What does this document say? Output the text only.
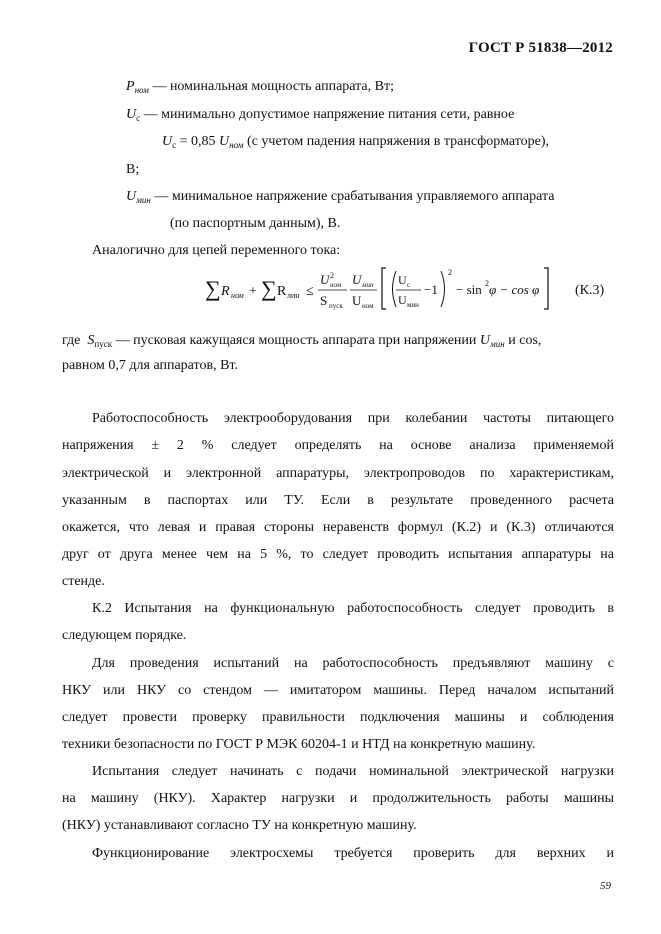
ГОСТ Р 51838—2012
$P_{ном}$ — номинальная мощность аппарата, Вт;
$U_c$ — минимально допустимое напряжение питания сети, равное
$U_c = 0,85$ $U_{ном}$ (с учетом падения напряжения в трансформаторе),
В;
$U_{мин}$ — минимальное напряжение срабатывания управляемого аппарата
(по паспортным данным), В.
Аналогично для цепей переменного тока:
∑ R ном + ∑ R лин ≤
U 2
ном
S пуск
U мин
U ном
U c
U мин
−1
2
− sin 2 φ − cos φ	(К.3)
где $S_{пуск}$ — пусковая кажущаяся мощность аппарата при напряжении $U_{мин}$ и cos,
равном 0,7 для аппаратов, Вт.
Работоспособность электрооборудования при колебании частоты питающего
напряжения ± 2 % следует определять на основе анализа применяемой
электрической и электронной аппаратуры, электропроводов по характеристикам,
указанным в паспортах или ТУ. Если в результате проведенного расчета
окажется, что левая и правая стороны неравенств формул (К.2) и (К.3) отличаются
друг от друга менее чем на 5 %, то следует проводить испытания аппаратуры на
стенде.
К.2 Испытания на функциональную работоспособность следует проводить в
следующем порядке.
Для проведения испытаний на работоспособность предъявляют машину с
НКУ или НКУ со стендом — имитатором машины. Перед началом испытаний
следует провести проверку правильности подключения машины и соблюдения
техники безопасности по ГОСТ Р МЭК 60204-1 и НТД на конкретную машину.
Испытания следует начинать с подачи номинальной электрической нагрузки
на машину (НКУ). Характер нагрузки и продолжительность работы машины
(НКУ) устанавливают согласно ТУ на конкретную машину.
Функционирование электросхемы требуется проверить для верхних и
59
